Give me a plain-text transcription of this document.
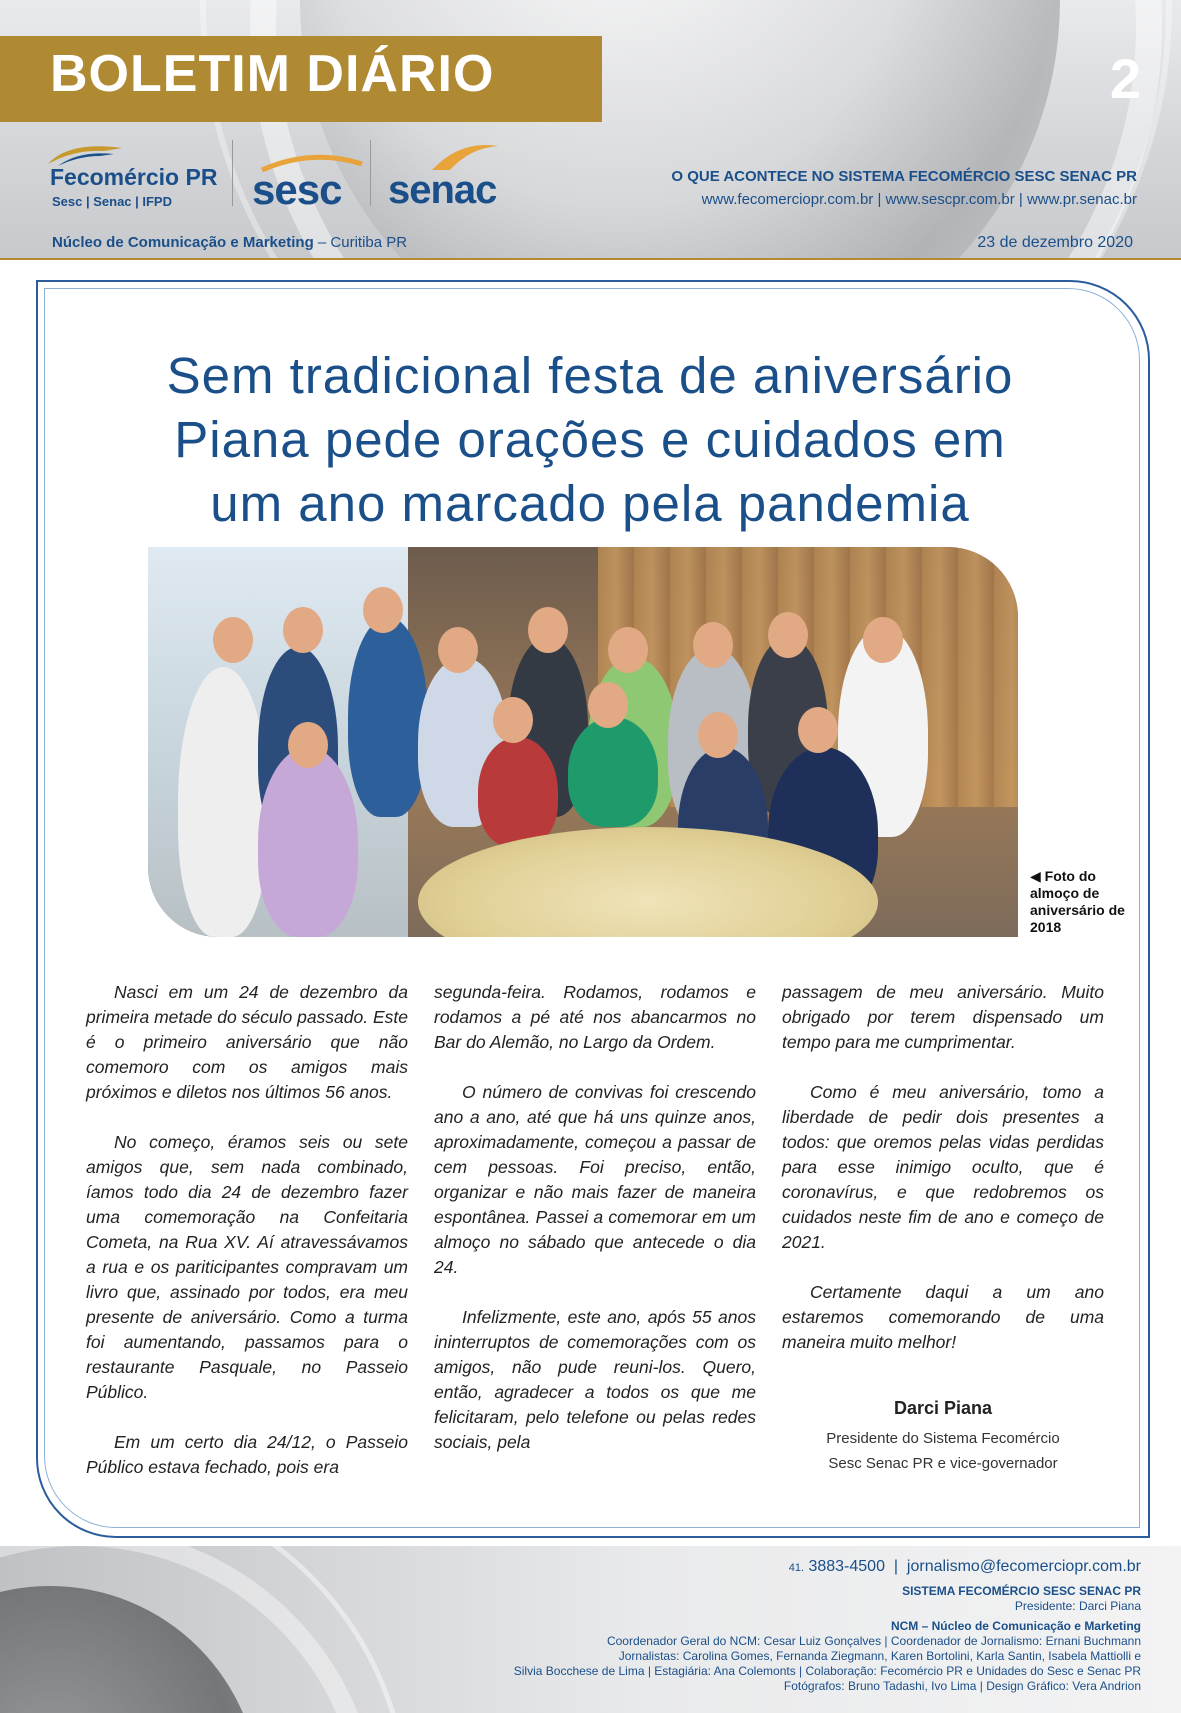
BOLETIM DIÁRIO	2
Fecomércio PR
Sesc | Senac | IFPD sesc senac	O QUE ACONTECE NO SISTEMA FECOMÉRCIO SESC SENAC PR
www.fecomerciopr.com.br | www.sescpr.com.br | www.pr.senac.br
Núcleo de Comunicação e Marketing – Curitiba PR	23 de dezembro 2020
Sem tradicional festa de aniversário
Piana pede orações e cuidados em
um ano marcado pela pandemia
◀ Foto do almoço de aniversário de 2018

Nasci em um 24 de dezembro da primeira metade do século passado. Este é o primeiro aniversário que não comemoro com os amigos mais próximos e diletos nos últimos 56 anos.

No começo, éramos seis ou sete amigos que, sem nada combinado, íamos todo dia 24 de dezembro fazer uma comemoração na Confeitaria Cometa, na Rua XV. Aí atravessávamos a rua e os pariticipantes compravam um livro que, assinado por todos, era meu presente de aniversário. Como a turma foi aumentando, passamos para o restaurante Pasquale, no Passeio Público.

Em um certo dia 24/12, o Passeio Público estava fechado, pois era

segunda-feira. Rodamos, rodamos e rodamos a pé até nos abancarmos no Bar do Alemão, no Largo da Ordem.

O número de convivas foi crescendo ano a ano, até que há uns quinze anos, aproximadamente, começou a passar de cem pessoas. Foi preciso, então, organizar e não mais fazer de maneira espontânea. Passei a comemorar em um almoço no sábado que antecede o dia 24.

Infelizmente, este ano, após 55 anos ininterruptos de comemorações com os amigos, não pude reuni-los. Quero, então, agradecer a todos os que me felicitaram, pelo telefone ou pelas redes sociais, pela

passagem de meu aniversário. Muito obrigado por terem dispensado um tempo para me cumprimentar.

Como é meu aniversário, tomo a liberdade de pedir dois presentes a todos: que oremos pelas vidas perdidas para esse inimigo oculto, que é coronavírus, e que redobremos os cuidados neste fim de ano e começo de 2021.

Certamente daqui a um ano estaremos comemorando de uma maneira muito melhor!

Darci Piana
Presidente do Sistema Fecomércio
Sesc Senac PR e vice-governador
41. 3883-4500  |  jornalismo@fecomerciopr.com.br
SISTEMA FECOMÉRCIO SESC SENAC PR
Presidente: Darci Piana
NCM – Núcleo de Comunicação e Marketing
Coordenador Geral do NCM: Cesar Luiz Gonçalves | Coordenador de Jornalismo: Ernani Buchmann
Jornalistas: Carolina Gomes, Fernanda Ziegmann, Karen Bortolini, Karla Santin, Isabela Mattiolli e
Silvia Bocchese de Lima | Estagiária: Ana Colemonts | Colaboração: Fecomércio PR e Unidades do Sesc e Senac PR
Fotógrafos: Bruno Tadashi, Ivo Lima | Design Gráfico: Vera Andrion
